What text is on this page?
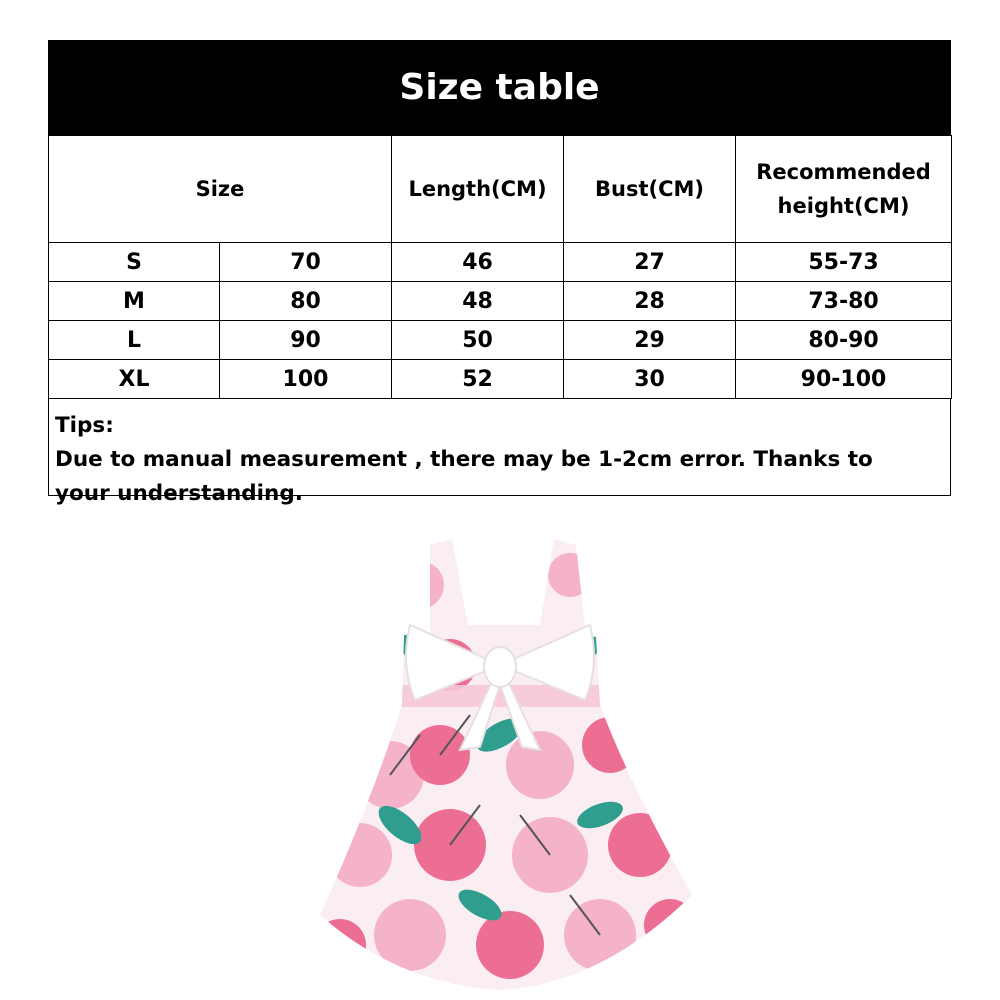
Size table
Size		Length(CM)	Bust(CM)	Recommended
height(CM)

S	70	46	27	55-73
M	80	48	28	73-80
L	90	50	29	80-90
XL	100	52	30	90-100
Tips:
Due to manual measurement , there may be 1-2cm error. Thanks to
your understanding.
